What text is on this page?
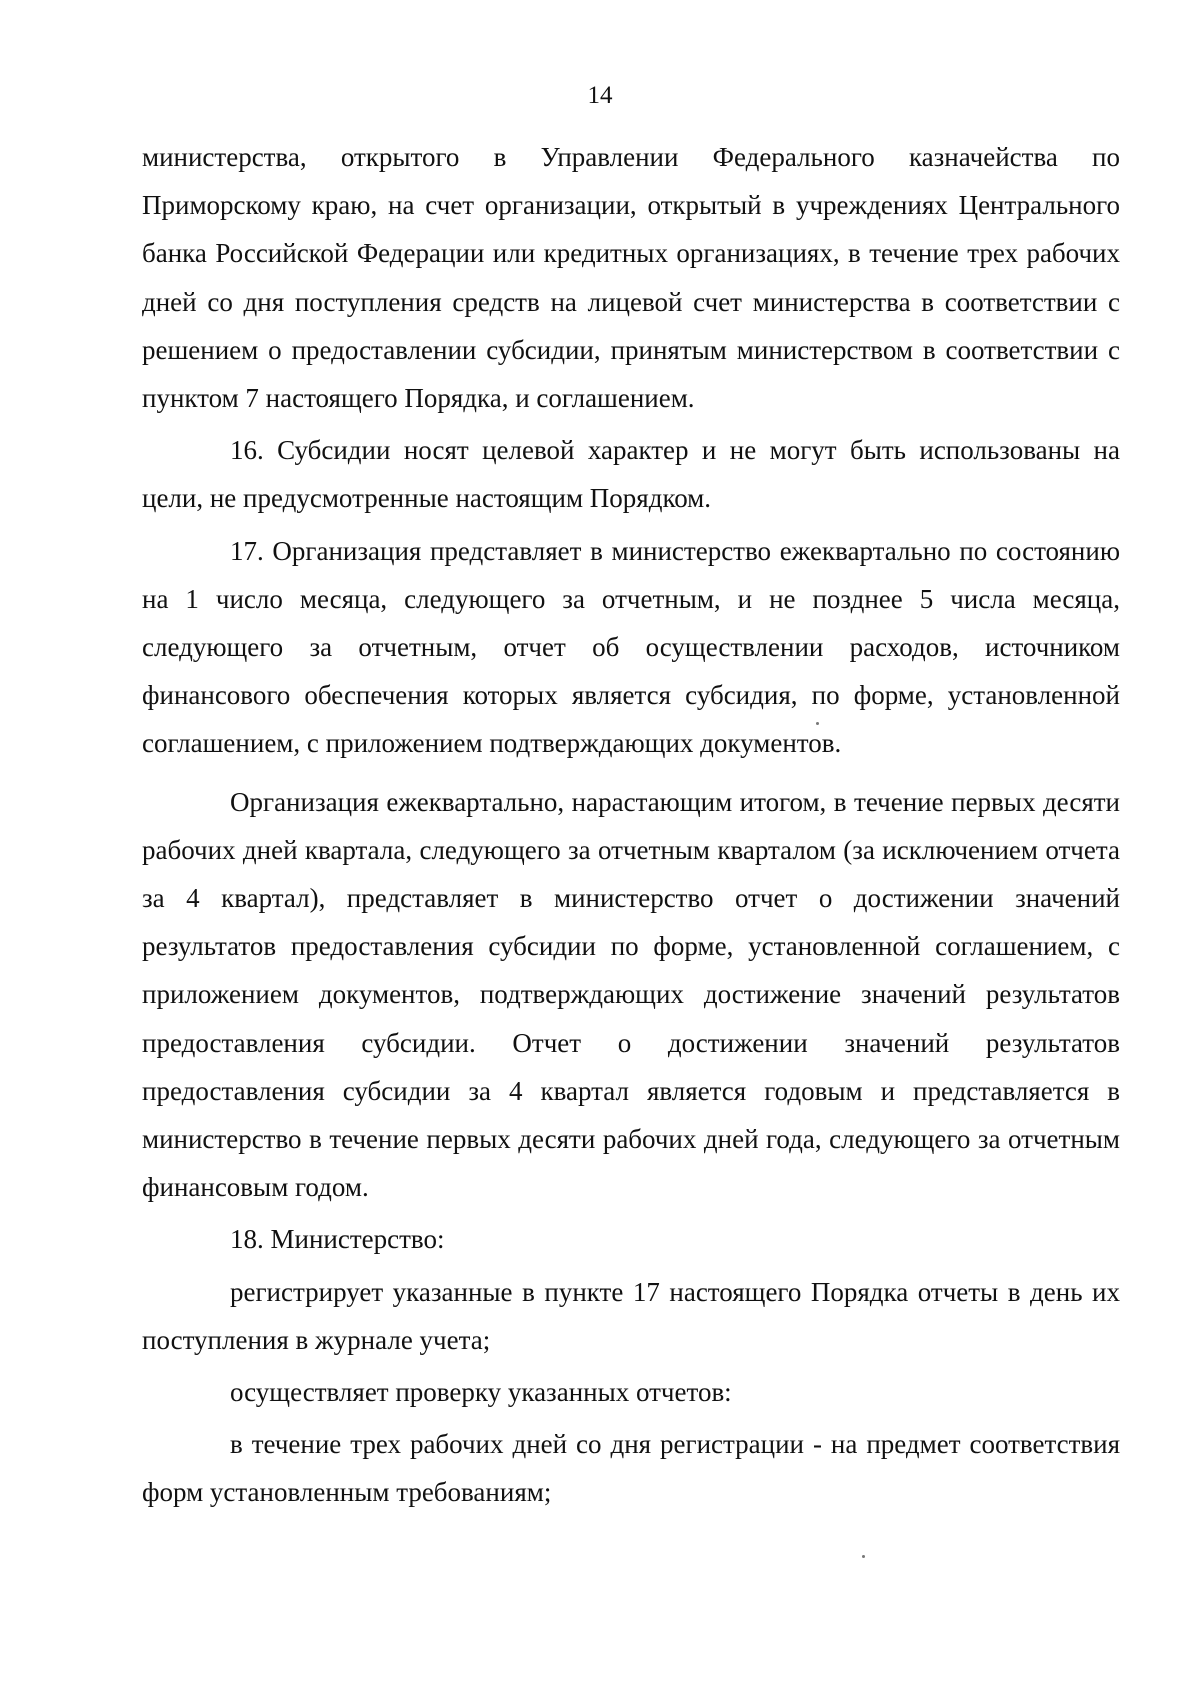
14

министерства, открытого в Управлении Федерального казначейства по Приморскому краю, на счет организации, открытый в учреждениях Центрального банка Российской Федерации или кредитных организациях, в течение трех рабочих дней со дня поступления средств на лицевой счет министерства в соответствии с решением о предоставлении субсидии, принятым министерством в соответствии с пунктом 7 настоящего Порядка, и соглашением.

16. Субсидии носят целевой характер и не могут быть использованы на цели, не предусмотренные настоящим Порядком.

17. Организация представляет в министерство ежеквартально по состоянию на 1 число месяца, следующего за отчетным, и не позднее 5 числа месяца, следующего за отчетным, отчет об осуществлении расходов, источником финансового обеспечения которых является субсидия, по форме, установленной соглашением, с приложением подтверждающих документов.

Организация ежеквартально, нарастающим итогом, в течение первых десяти рабочих дней квартала, следующего за отчетным кварталом (за исключением отчета за 4 квартал), представляет в министерство отчет о достижении значений результатов предоставления субсидии по форме, установленной соглашением, с приложением документов, подтверждающих достижение значений результатов предоставления субсидии. Отчет о достижении значений результатов предоставления субсидии за 4 квартал является годовым и представляется в министерство в течение первых десяти рабочих дней года, следующего за отчетным финансовым годом.

18. Министерство:

регистрирует указанные в пункте 17 настоящего Порядка отчеты в день их поступления в журнале учета;

осуществляет проверку указанных отчетов:

в течение трех рабочих дней со дня регистрации - на предмет соответствия форм установленным требованиям;
